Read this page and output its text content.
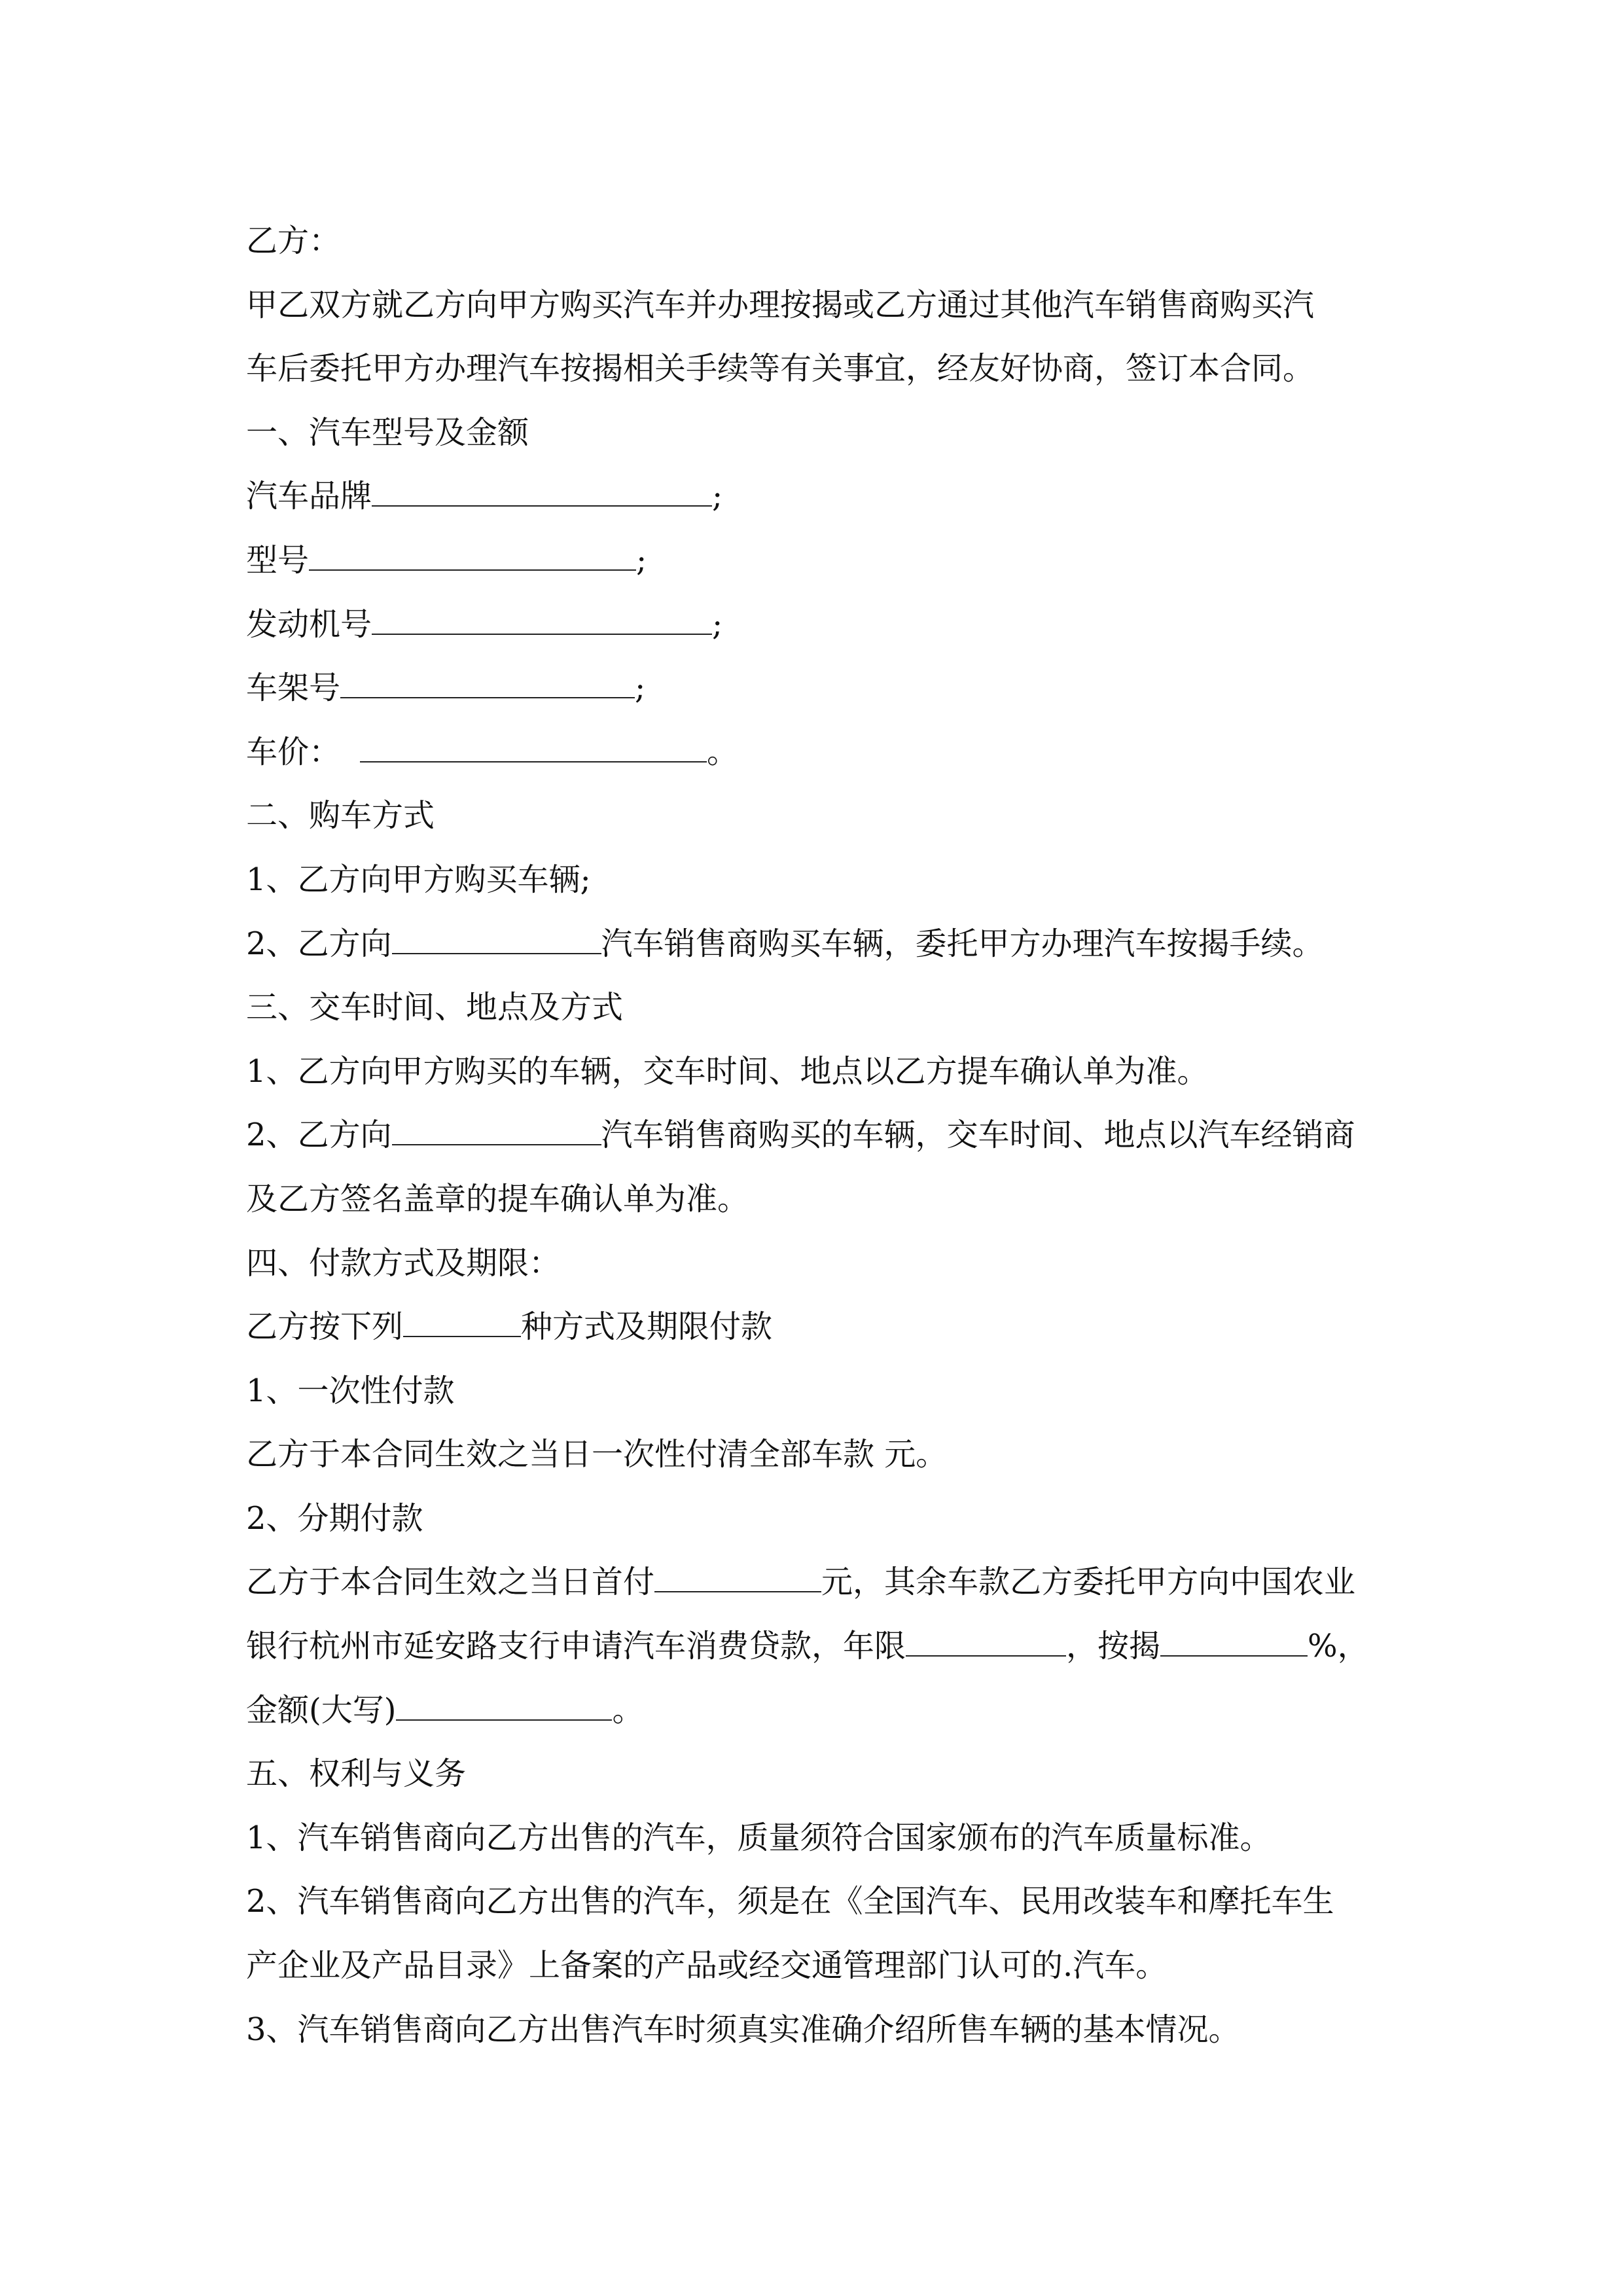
乙方：
甲乙双方就乙方向甲方购买汽车并办理按揭或乙方通过其他汽车销售商购买汽
车后委托甲方办理汽车按揭相关手续等有关事宜，经友好协商，签订本合同。
一、汽车型号及金额
汽车品牌	;
型号	;
发动机号	;
车架号	;
车价：	。
二、购车方式
1、乙方向甲方购买车辆;
2、乙方向	汽车销售商购买车辆，委托甲方办理汽车按揭手续。
三、交车时间、地点及方式
1、乙方向甲方购买的车辆，交车时间、地点以乙方提车确认单为准。
2、乙方向	汽车销售商购买的车辆，交车时间、地点以汽车经销商
及乙方签名盖章的提车确认单为准。
四、付款方式及期限：
乙方按下列	种方式及期限付款
1、一次性付款
乙方于本合同生效之当日一次性付清全部车款 元。
2、分期付款
乙方于本合同生效之当日首付	元，其余车款乙方委托甲方向中国农业
银行杭州市延安路支行申请汽车消费贷款，年限	，按揭	%，
金额(大写)	。
五、权利与义务
1、汽车销售商向乙方出售的汽车，质量须符合国家颁布的汽车质量标准。
2、汽车销售商向乙方出售的汽车，须是在《全国汽车、民用改装车和摩托车生
产企业及产品目录》上备案的产品或经交通管理部门认可的.汽车。
3、汽车销售商向乙方出售汽车时须真实准确介绍所售车辆的基本情况。
